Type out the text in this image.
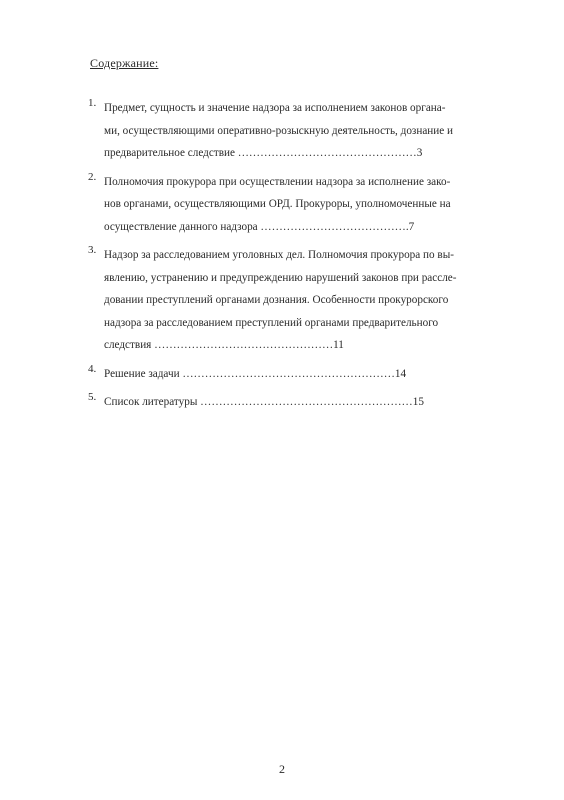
Содержание:
1. Предмет, сущность и значение надзора за исполнением законов органа-
ми, осуществляющими оперативно-розыскную деятельность, дознание и
предварительное следствие …………………………………………3
2. Полномочия прокурора при осуществлении надзора за исполнение зако-
нов органами, осуществляющими ОРД. Прокуроры, уполномоченные на
осуществление данного надзора ………………………………….7
3. Надзор за расследованием уголовных дел. Полномочия прокурора по вы-
явлению, устранению и предупреждению нарушений законов при рассле-
довании преступлений органами дознания. Особенности прокурорского
надзора за расследованием преступлений органами предварительного
следствия …………………………………………11
4. Решение задачи …………………………………………………14
5. Список литературы …………………………………………………15
2
